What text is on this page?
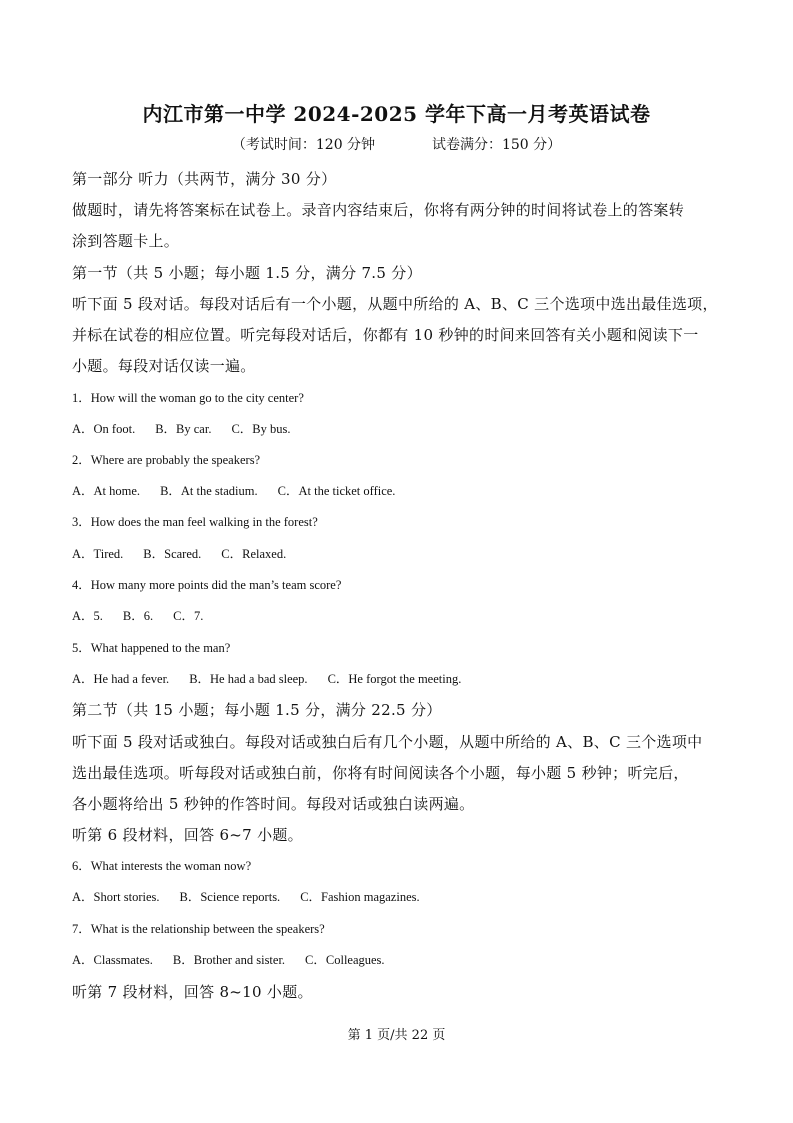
内江市第一中学 2024-2025 学年下高一月考英语试卷
（考试时间：120 分钟	试卷满分：150 分）
第一部分 听力（共两节，满分 30 分）
做题时，请先将答案标在试卷上。录音内容结束后，你将有两分钟的时间将试卷上的答案转
涂到答题卡上。
第一节（共 5 小题；每小题 1.5 分，满分 7.5 分）
听下面 5 段对话。每段对话后有一个小题，从题中所给的 A、B、C 三个选项中选出最佳选项，
并标在试卷的相应位置。听完每段对话后，你都有 10 秒钟的时间来回答有关小题和阅读下一
小题。每段对话仅读一遍。
1．How will the woman go to the city center?
A．On foot. B．By car. C．By bus.
2．Where are probably the speakers?
A．At home. B．At the stadium. C．At the ticket office.
3．How does the man feel walking in the forest?
A．Tired. B．Scared. C．Relaxed.
4．How many more points did the man’s team score?
A．5. B．6. C．7.
5．What happened to the man?
A．He had a fever. B．He had a bad sleep. C．He forgot the meeting.
第二节（共 15 小题；每小题 1.5 分，满分 22.5 分）
听下面 5 段对话或独白。每段对话或独白后有几个小题，从题中所给的 A、B、C 三个选项中
选出最佳选项。听每段对话或独白前，你将有时间阅读各个小题，每小题 5 秒钟；听完后，
各小题将给出 5 秒钟的作答时间。每段对话或独白读两遍。
听第 6 段材料，回答 6~7 小题。
6．What interests the woman now?
A．Short stories. B．Science reports. C．Fashion magazines.
7．What is the relationship between the speakers?
A．Classmates. B．Brother and sister. C．Colleagues.
听第 7 段材料，回答 8~10 小题。
第 1 页/共 22 页
